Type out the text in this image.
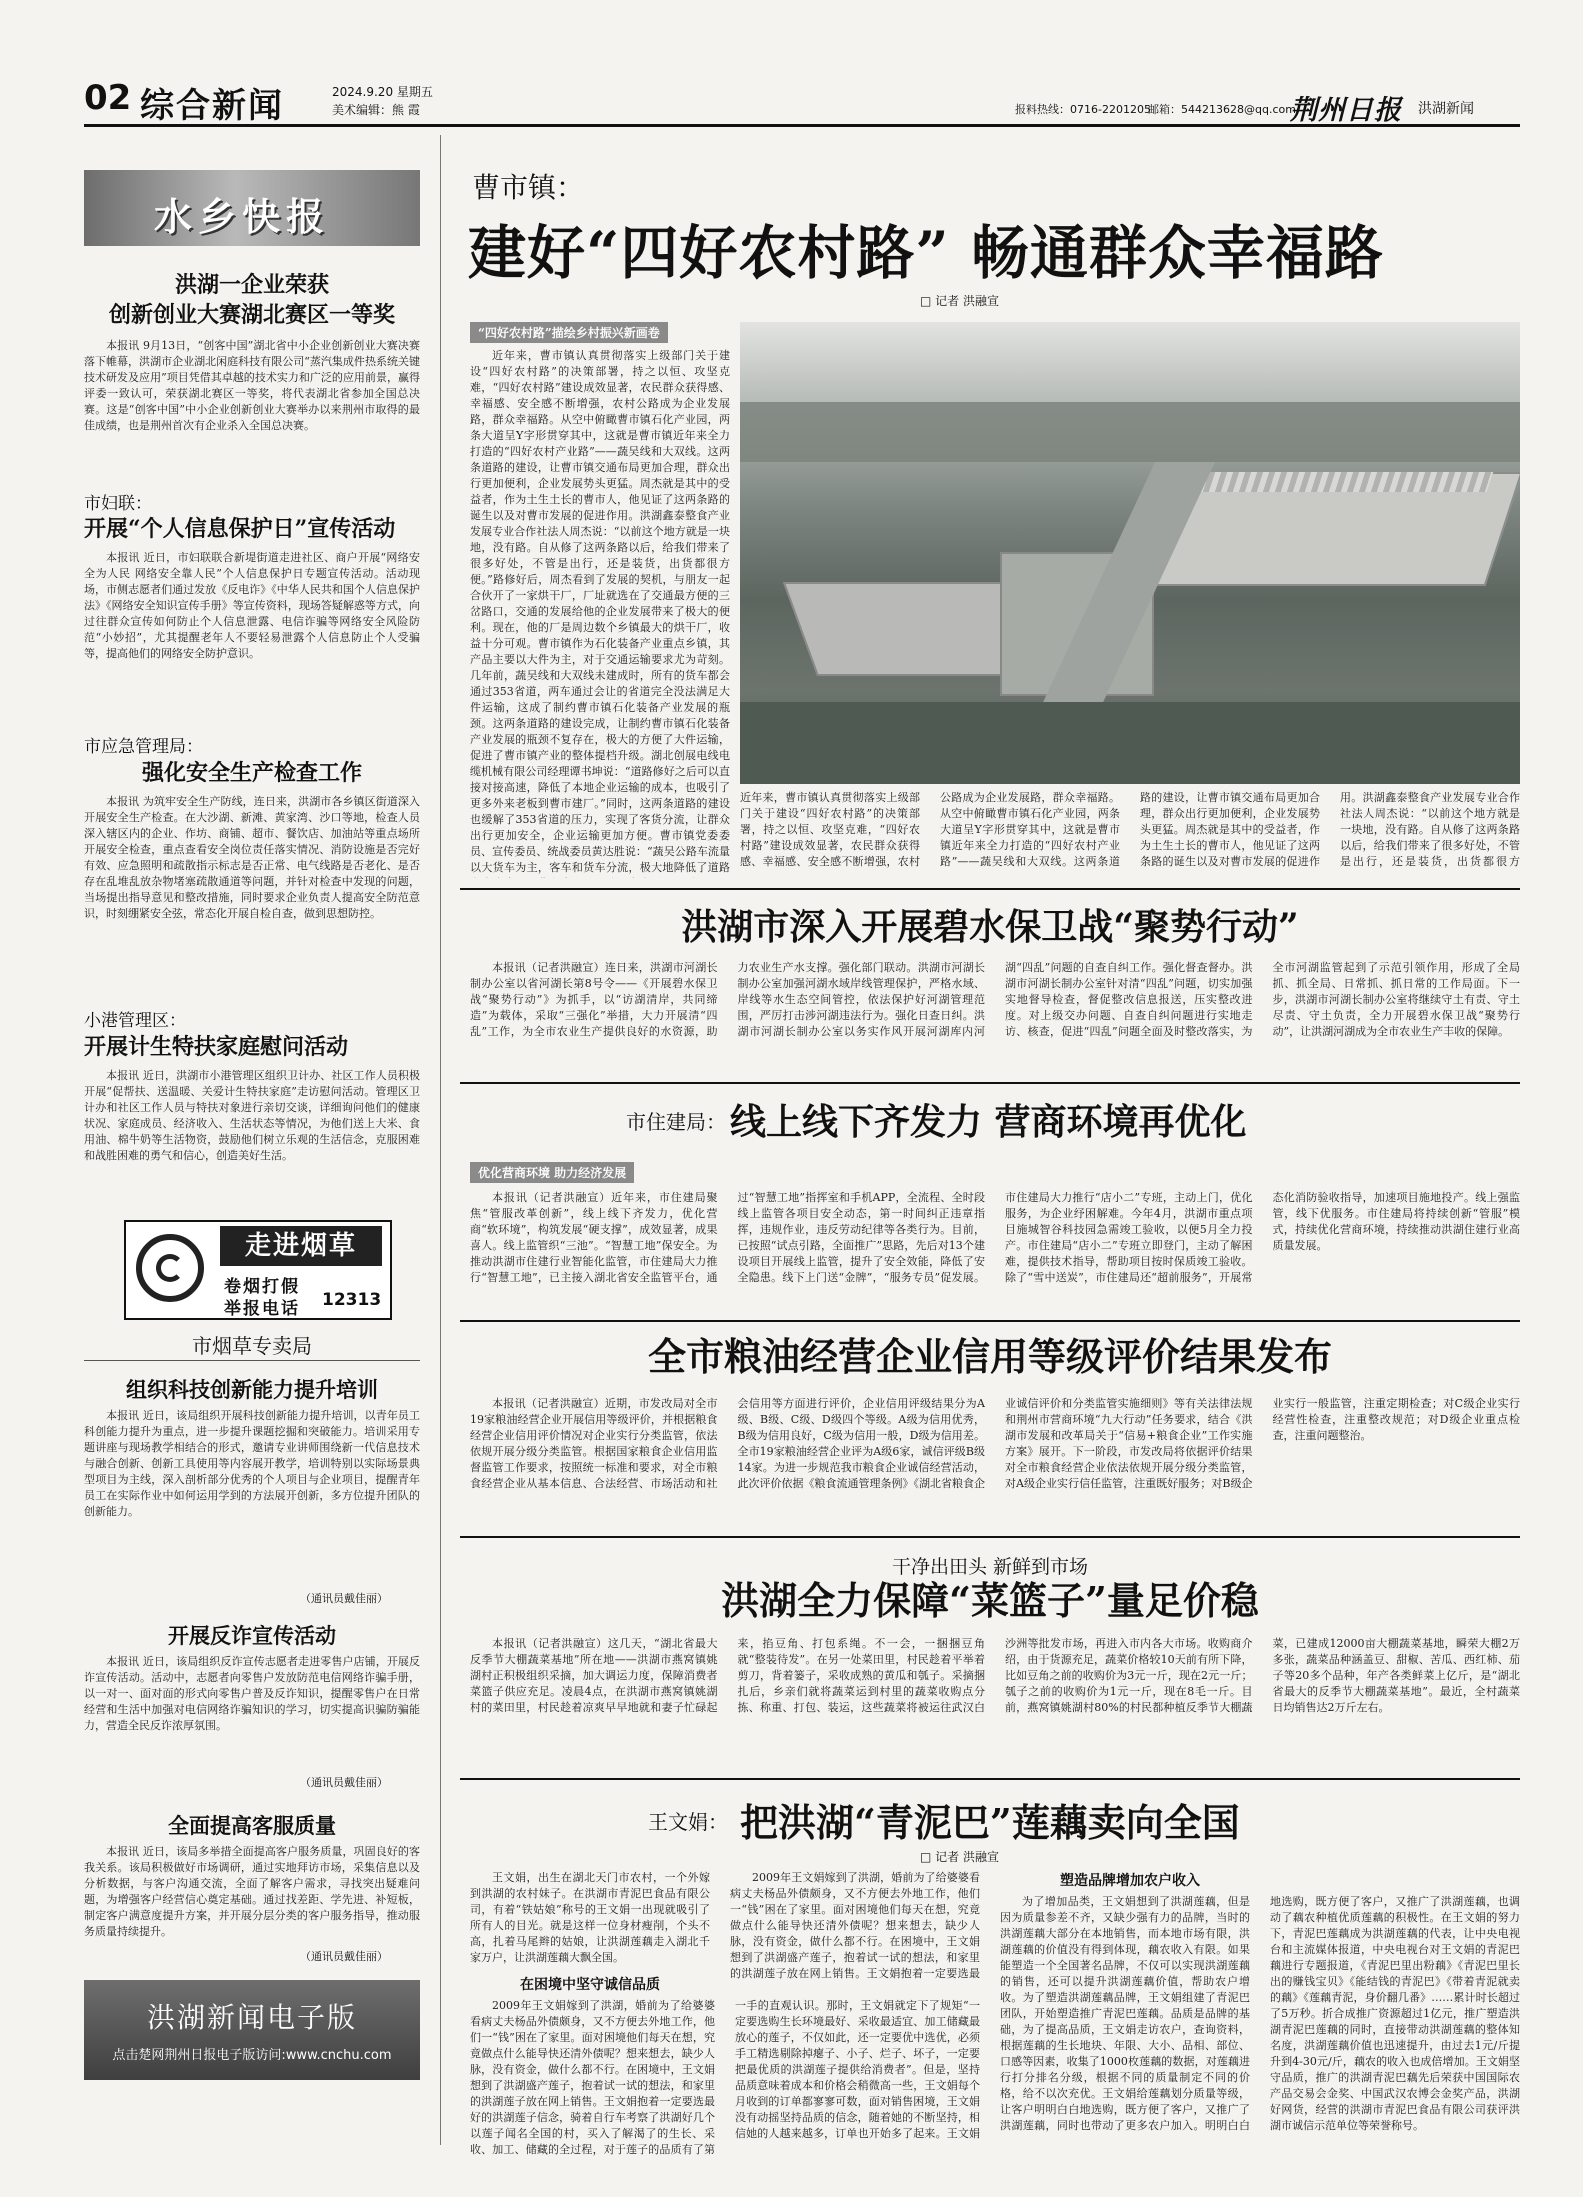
02 综合新闻	2024.9.20 星期五
美术编辑：熊 霞	报料热线：0716-2201205
邮箱：544213628@qq.com
荆州日报 洪湖新闻
水乡快报
洪湖一企业荣获
创新创业大赛湖北赛区一等奖
本报讯 9月13日，“创客中国”湖北省中小企业创新创业大赛决赛落下帷幕，洪湖市企业湖北闲庭科技有限公司“蒸汽集成件热系统关键技术研发及应用”项目凭借其卓越的技术实力和广泛的应用前景，赢得评委一致认可，荣获湖北赛区一等奖，将代表湖北省参加全国总决赛。这是“创客中国”中小企业创新创业大赛举办以来荆州市取得的最佳成绩，也是荆州首次有企业杀入全国总决赛。
市妇联：
开展“个人信息保护日”宣传活动
本报讯 近日，市妇联联合新堤街道走进社区、商户开展“网络安全为人民 网络安全靠人民”个人信息保护日专题宣传活动。活动现场，市侧志愿者们通过发放《反电诈》《中华人民共和国个人信息保护法》《网络安全知识宣传手册》等宣传资料，现场答疑解惑等方式，向过往群众宣传如何防止个人信息泄露、电信诈骗等网络安全风险防范“小妙招”，尤其提醒老年人不要轻易泄露个人信息防止个人受骗等，提高他们的网络安全防护意识。
市应急管理局：
强化安全生产检查工作
本报讯 为筑牢安全生产防线，连日来，洪湖市各乡镇区街道深入开展安全生产检查。在大沙湖、新滩、黄家湾、沙口等地，检查人员深入辖区内的企业、作坊、商铺、超市、餐饮店、加油站等重点场所开展安全检查，重点查看安全岗位责任落实情况、消防设施是否完好有效、应急照明和疏散指示标志是否正常、电气线路是否老化、是否存在乱堆乱放杂物堵塞疏散通道等问题，并针对检查中发现的问题，当场提出指导意见和整改措施，同时要求企业负责人提高安全防范意识，时刻绷紧安全弦，常态化开展自检自查，做到思想防控。
小港管理区：
开展计生特扶家庭慰问活动
本报讯 近日，洪湖市小港管理区组织卫计办、社区工作人员积极开展“促帮扶、送温暖、关爱计生特扶家庭”走访慰问活动。管理区卫计办和社区工作人员与特扶对象进行亲切交谈，详细询问他们的健康状况、家庭成员、经济收入、生活状态等情况，为他们送上大米、食用油、棉牛奶等生活物资，鼓励他们树立乐观的生活信念，克服困难和战胜困难的勇气和信心，创造美好生活。
走进烟草
卷烟打假
举报电话 12313
市烟草专卖局
组织科技创新能力提升培训
本报讯 近日，该局组织开展科技创新能力提升培训，以青年员工科创能力提升为重点，进一步提升课题挖掘和突破能力。培训采用专题讲座与现场教学相结合的形式，邀请专业讲师围绕新一代信息技术与融合创新、创新工具使用等内容展开教学，培训特别以实际场景典型项目为主线，深入剖析部分优秀的个人项目与企业项目，提醒青年员工在实际作业中如何运用学到的方法展开创新，多方位提升团队的创新能力。
（通讯员戴佳丽）
开展反诈宣传活动
本报讯 近日，该局组织反诈宣传志愿者走进零售户店铺，开展反诈宣传活动。活动中，志愿者向零售户发放防范电信网络诈骗手册，以一对一、面对面的形式向零售户普及反诈知识，提醒零售户在日常经营和生活中加强对电信网络诈骗知识的学习，切实提高识骗防骗能力，营造全民反诈浓厚氛围。
（通讯员戴佳丽）
全面提高客服质量
本报讯 近日，该局多举措全面提高客户服务质量，巩固良好的客我关系。该局积极做好市场调研，通过实地拜访市场，采集信息以及分析数据，与客户沟通交流，全面了解客户需求，寻找突出疑难问题，为增强客户经营信心奠定基础。通过找差距、学先进、补短板，制定客户满意度提升方案，并开展分层分类的客户服务指导，推动服务质量持续提升。
（通讯员戴佳丽）
洪湖新闻电子版
点击楚网荆州日报电子版访问:www.cnchu.com
曹市镇：
建好“四好农村路” 畅通群众幸福路
□ 记者 洪融宣
“四好农村路”描绘乡村振兴新画卷
近年来，曹市镇认真贯彻落实上级部门关于建设“四好农村路”的决策部署，持之以恒、攻坚克难，“四好农村路”建设成效显著，农民群众获得感、幸福感、安全感不断增强，农村公路成为企业发展路，群众幸福路。从空中俯瞰曹市镇石化产业园，两条大道呈Y字形贯穿其中，这就是曹市镇近年来全力打造的“四好农村产业路”——蔬吴线和大双线。这两条道路的建设，让曹市镇交通布局更加合理，群众出行更加便利，企业发展势头更猛。周杰就是其中的受益者，作为土生土长的曹市人，他见证了这两条路的诞生以及对曹市发展的促进作用。洪湖鑫泰整食产业发展专业合作社法人周杰说：“以前这个地方就是一块地，没有路。自从修了这两条路以后，给我们带来了很多好处，不管是出行，还是装货，出货都很方便。”路修好后，周杰看到了发展的契机，与朋友一起合伙开了一家烘干厂，厂址就选在了交通最方便的三岔路口，交通的发展给他的企业发展带来了极大的便利。现在，他的厂是周边数个乡镇最大的烘干厂，收益十分可观。曹市镇作为石化装备产业重点乡镇，其产品主要以大件为主，对于交通运输要求尤为苛刻。几年前，蔬吴线和大双线未建成时，所有的货车都会通过353省道，两车通过会让的省道完全没法满足大件运输，这成了制约曹市镇石化装备产业发展的瓶颈。这两条道路的建设完成，让制约曹市镇石化装备产业发展的瓶颈不复存在，极大的方便了大件运输，促进了曹市镇产业的整体提档升级。湖北创展电线电缆机械有限公司经理谭书坤说：“道路修好之后可以直接对接高速，降低了本地企业运输的成本，也吸引了更多外来老板到曹市建厂。”同时，这两条道路的建设也缓解了353省道的压力，实现了客货分流，让群众出行更加安全，企业运输更加方便。曹市镇党委委员、宣传委员、统战委员黄达胜说：“蔬吴公路车流量以大货车为主，客车和货车分流，极大地降低了道路
近年来，曹市镇认真贯彻落实上级部门关于建设“四好农村路”的决策部署，持之以恒、攻坚克难，“四好农村路”建设成效显著，农民群众获得感、幸福感、安全感不断增强，农村公路成为企业发展路，群众幸福路。从空中俯瞰曹市镇石化产业园，两条大道呈Y字形贯穿其中，这就是曹市镇近年来全力打造的“四好农村产业路”——蔬吴线和大双线。这两条道路的建设，让曹市镇交通布局更加合理，群众出行更加便利，企业发展势头更猛。周杰就是其中的受益者，作为土生土长的曹市人，他见证了这两条路的诞生以及对曹市发展的促进作用。洪湖鑫泰整食产业发展专业合作社法人周杰说：“以前这个地方就是一块地，没有路。自从修了这两条路以后，给我们带来了很多好处，不管是出行，还是装货，出货都很方
洪湖市深入开展碧水保卫战“聚势行动”
本报讯（记者洪融宣）连日来，洪湖市河湖长制办公室以省河湖长第8号令——《开展碧水保卫战“聚势行动”》为抓手，以“访湖清岸，共同缔造”为载体，采取“三强化”举措，大力开展清“四乱”工作，为全市农业生产提供良好的水资源，助力农业生产水支撑。强化部门联动。洪湖市河湖长制办公室加强河湖水域岸线管理保护，严格水域、岸线等水生态空间管控，依法保护好河湖管理范围，严厉打击涉河湖违法行为。强化日查日纠。洪湖市河湖长制办公室以务实作风开展河湖库内河湖“四乱”问题的自查自纠工作。强化督查督办。洪湖市河湖长制办公室针对清“四乱”问题，切实加强实地督导检查，督促整改信息报送，压实整改进度。对上级交办问题、自查自纠问题进行实地走访、核查，促进“四乱”问题全面及时整改落实，为全市河湖监管起到了示范引领作用，形成了全局抓、抓全局、日常抓、抓日常的工作局面。下一步，洪湖市河湖长制办公室将继续守土有责、守土尽责、守土负责，全力开展碧水保卫战“聚势行动”，让洪湖河湖成为全市农业生产丰收的保障。
市住建局： 线上线下齐发力 营商环境再优化
优化营商环境 助力经济发展
本报讯（记者洪融宣）近年来，市住建局聚焦“管服改革创新”，线上线下齐发力，优化营商“软环境”，构筑发展“硬支撑”，成效显著，成果喜人。线上监管织“三池”。“智慧工地”保安全。为推动洪湖市住建行业智能化监管，市住建局大力推行“智慧工地”，已主接入湖北省安全监管平台，通过“智慧工地”指挥室和手机APP，全流程、全时段线上监管各项目安全动态，第一时间纠正违章指挥，违规作业，违反劳动纪律等各类行为。目前，已按照“试点引路，全面推广”思路，先后对13个建设项目开展线上监管，提升了安全效能，降低了安全隐患。线下上门送“金牌”，“服务专员”促发展。市住建局大力推行“店小二”专班，主动上门，优化服务，为企业纾困解难。今年4月，洪湖市重点项目施城智谷科技园急需竣工验收，以便5月全力投产。市住建局“店小二”专班立即登门，主动了解困难，提供技术指导，帮助项目按时保质竣工验收。除了“雪中送炭”，市住建局还“超前服务”，开展常态化消防验收指导，加速项目施地投产。线上强监管，线下优服务。市住建局将持续创新“管服”模式，持续优化营商环境，持续推动洪湖住建行业高质量发展。
全市粮油经营企业信用等级评价结果发布
本报讯（记者洪融宣）近期，市发改局对全市19家粮油经营企业开展信用等级评价，并根据粮食经营企业信用评价情况对企业实行分类监管，依法依规开展分级分类监管。根据国家粮食企业信用监督监管工作要求，按照统一标准和要求，对全市粮食经营企业从基本信息、合法经营、市场活动和社会信用等方面进行评价，企业信用评级结果分为A级、B级、C级、D级四个等级。A级为信用优秀，B级为信用良好，C级为信用一般，D级为信用差。全市19家粮油经营企业评为A级6家，诚信评级B级14家。为进一步规范我市粮食企业诚信经营活动，此次评价依据《粮食流通管理条例》《湖北省粮食企业诚信评价和分类监管实施细则》等有关法律法规和荆州市营商环境“九大行动”任务要求，结合《洪湖市发展和改革局关于“信易+粮食企业”工作实施方案》展开。下一阶段，市发改局将依据评价结果对全市粮食经营企业依法依规开展分级分类监管，对A级企业实行信任监管，注重既好服务；对B级企业实行一般监管，注重定期检查；对C级企业实行经营性检查，注重整改规范；对D级企业重点检查，注重问题整治。
干净出田头 新鲜到市场
洪湖全力保障“菜篮子”量足价稳
本报讯（记者洪融宣）这几天，“湖北省最大反季节大棚蔬菜基地”所在地——洪湖市燕窝镇姚湖村正积极组织采摘，加大调运力度，保障消费者菜篮子供应充足。凌晨4点，在洪湖市燕窝镇姚湖村的菜田里，村民趁着凉爽早早地就和妻子忙碌起来，掐豆角、打包系绳。不一会，一捆捆豆角就“整装待发”。在另一处菜田里，村民趁着平举着剪刀，背着篓子，采收成熟的黄瓜和瓠子。采摘捆扎后，乡亲们就将蔬菜运到村里的蔬菜收购点分拣、称重、打包、装运，这些蔬菜将被运往武汉白沙洲等批发市场，再进入市内各大市场。收购商介绍，由于货源充足，蔬菜价格较10天前有所下降，比如豆角之前的收购价为3元一斤，现在2元一斤；瓠子之前的收购价为1元一斤，现在8毛一斤。目前，燕窝镇姚湖村80%的村民都种植反季节大棚蔬菜，已建成12000亩大棚蔬菜基地，瞬荣大棚2万多张，蔬菜品种涵盖豆、甜椒、苦瓜、西红柿、茄子等20多个品种，年产各类鲜菜上亿斤，是“湖北省最大的反季节大棚蔬菜基地”。最近，全村蔬菜日均销售达2万斤左右。
王文娟： 把洪湖“青泥巴”莲藕卖向全国
□ 记者 洪融宣
王文娟，出生在湖北天门市农村，一个外嫁到洪湖的农村妹子。在洪湖市青泥巴食品有限公司，有着“铁姑娘”称号的王文娟一出现就吸引了所有人的目光。就是这样一位身材瘦削，个头不高，扎着马尾辫的姑娘，让洪湖莲藕走入湖北千家万户，让洪湖莲藕大飘全国。
在困境中坚守诚信品质
2009年王文娟嫁到了洪湖，婚前为了给婆婆看病丈夫杨品外债颇身，又不方便去外地工作，他们一“钱”困在了家里。面对困境他们每天在想，究竟做点什么能导快还清外债呢？想来想去，缺少人脉，没有资金，做什么都不行。在困境中，王文娟想到了洪湖盛产莲子，抱着试一试的想法，和家里的洪湖莲子放在网上销售。王文娟抱着一定要选最好的洪湖莲子信念，骑着自行车考察了洪湖好几个以莲子闻名全国的村，买入了解渴了的生长、采收、加工、储藏的全过程，对于莲子的品质有了第一手的直观认识。那时，王文娟就定下了规矩“一定要选购生长环境最好、采收最适宜、加工储藏最放心的莲子，不仅如此，还一定要优中选优，必须手工精选剔除掉瘪子、小子、烂子、坏子，一定要把最优质的洪湖莲子提供给消费者”。但是，坚持品质意味着成本和价格会稍微高一些，王文娟每个月收到的订单都寥寥可数，面对销售困境，王文娟没有动摇坚持品质的信念，随着她的不断坚持，相信她的人越来越多，订单也开始多了起来。王文娟
2009年王文娟嫁到了洪湖，婚前为了给婆婆看病丈夫杨品外债颇身，又不方便去外地工作，他们一“钱”困在了家里。面对困境他们每天在想，究竟做点什么能导快还清外债呢？想来想去，缺少人脉，没有资金，做什么都不行。在困境中，王文娟想到了洪湖盛产莲子，抱着试一试的想法，和家里的洪湖莲子放在网上销售。王文娟抱着一定要选最
塑造品牌增加农户收入
为了增加品类，王文娟想到了洪湖莲藕，但是因为质量参差不齐，又缺少强有力的品牌，当时的洪湖莲藕大部分在本地销售，而本地市场有限，洪湖莲藕的价值没有得到体现，藕农收入有限。如果能塑造一个全国著名品牌，不仅可以实现洪湖莲藕的销售，还可以提升洪湖莲藕价值，帮助农户增收。为了塑造洪湖莲藕品牌，王文娟组建了青泥巴团队，开始塑造推广青泥巴莲藕。品质是品牌的基础，为了提高品质，王文娟走访农户，查询资料，根据莲藕的生长地块、年限、大小、品相、部位、口感等因素，收集了1000枚莲藕的数据，对莲藕进行打分排名分级，根据不同的质量制定不同的价格，给不以次充优。王文娟给莲藕划分质量等级，让客户明明白白地选购，既方便了客户，又推广了洪湖莲藕，同时也带动了更多农户加入。明明白白地选购，既方便了客户，又推广了洪湖莲藕，也调动了藕农种植优质莲藕的积极性。在王文娟的努力下，青泥巴莲藕成为洪湖莲藕的代表，让中央电视台和主流媒体报道，中央电视台对王文娟的青泥巴藕进行专题报道，《青泥巴里出粉藕》《青泥巴里长出的赚钱宝贝》《能结钱的青泥巴》《带着青泥就卖的藕》《莲藕青泥，身价翻几番》……累计时长超过了5万秒。折合成推广资源超过1亿元，推广塑造洪湖青泥巴莲藕的同时，直接带动洪湖莲藕的整体知名度，洪湖莲藕价值也迅速提升，由过去1元/斤提升到4-30元/斤，藕农的收入也成倍增加。王文娟坚守品质，推广的洪湖青泥巴藕先后荣获中国国际农产品交易会金奖、中国武汉农博会金奖产品，洪湖好网货，经营的洪湖市青泥巴食品有限公司获评洪湖市诚信示范单位等荣誉称号。
